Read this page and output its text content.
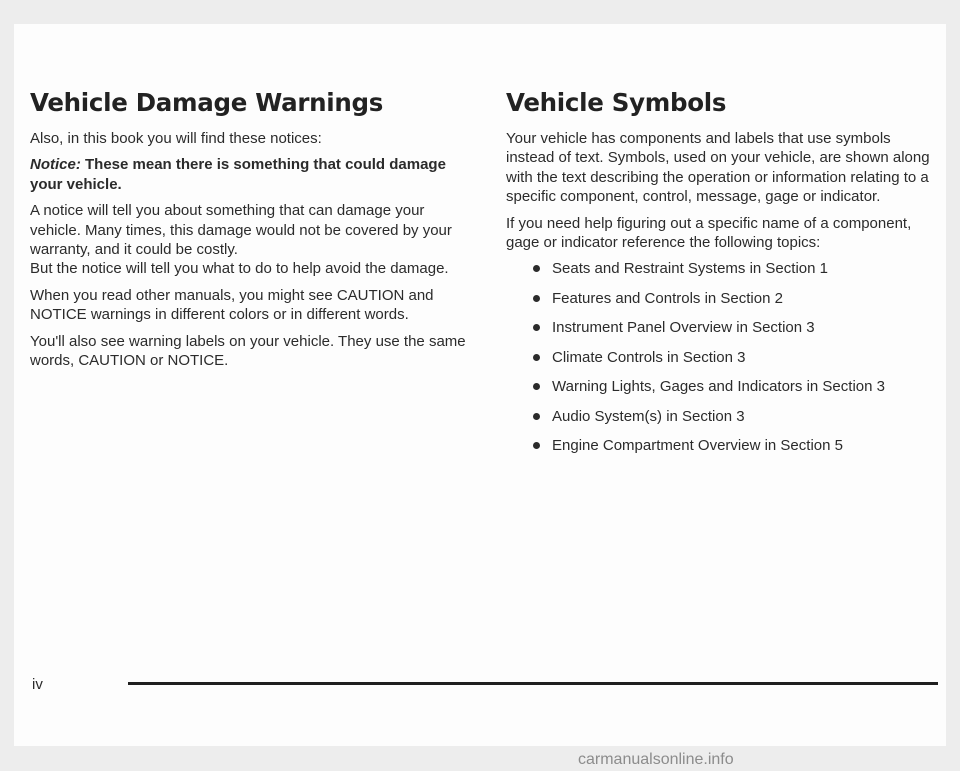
Vehicle Damage Warnings

Also, in this book you will find these notices:

Notice: These mean there is something that could damage your vehicle.

A notice will tell you about something that can damage your vehicle. Many times, this damage would not be covered by your warranty, and it could be costly.
But the notice will tell you what to do to help avoid the damage.

When you read other manuals, you might see CAUTION and NOTICE warnings in different colors or in different words.

You'll also see warning labels on your vehicle. They use the same words, CAUTION or NOTICE.

Vehicle Symbols

Your vehicle has components and labels that use symbols instead of text. Symbols, used on your vehicle, are shown along with the text describing the operation or information relating to a specific component, control, message, gage or indicator.

If you need help figuring out a specific name of a component, gage or indicator reference the following topics:

Seats and Restraint Systems in Section 1
Features and Controls in Section 2
Instrument Panel Overview in Section 3
Climate Controls in Section 3
Warning Lights, Gages and Indicators in Section 3
Audio System(s) in Section 3
Engine Compartment Overview in Section 5
iv
carmanualsonline.info
